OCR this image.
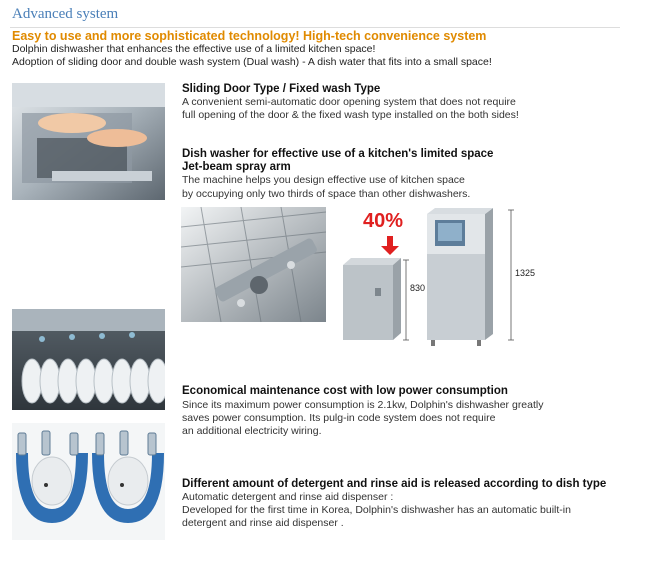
Advanced system
Easy to use and more sophisticated technology! High-tech convenience system
Dolphin dishwasher that enhances the effective use of a limited kitchen space!
Adoption of sliding door and double wash system (Dual wash) - A dish water that fits into a small space!
Sliding Door Type / Fixed wash Type
A convenient semi-automatic door opening system that does not require
full opening of the door & the fixed wash type installed on the both sides!
Dish washer for effective use of a kitchen's limited space
Jet-beam spray arm
The machine helps you design effective use of kitchen space
by occupying only two thirds of space than other dishwashers.
40%
830
1325
Economical maintenance cost with low power consumption
Since its maximum power consumption is 2.1kw, Dolphin's dishwasher greatly
saves power consumption. Its pulg-in code system does not require
an additional electricity wiring.
Different amount of detergent and rinse aid is released according to dish type
Automatic detergent and rinse aid dispenser :
Developed for the first time in Korea, Dolphin's dishwasher has an automatic built-in
detergent and rinse aid dispenser .
